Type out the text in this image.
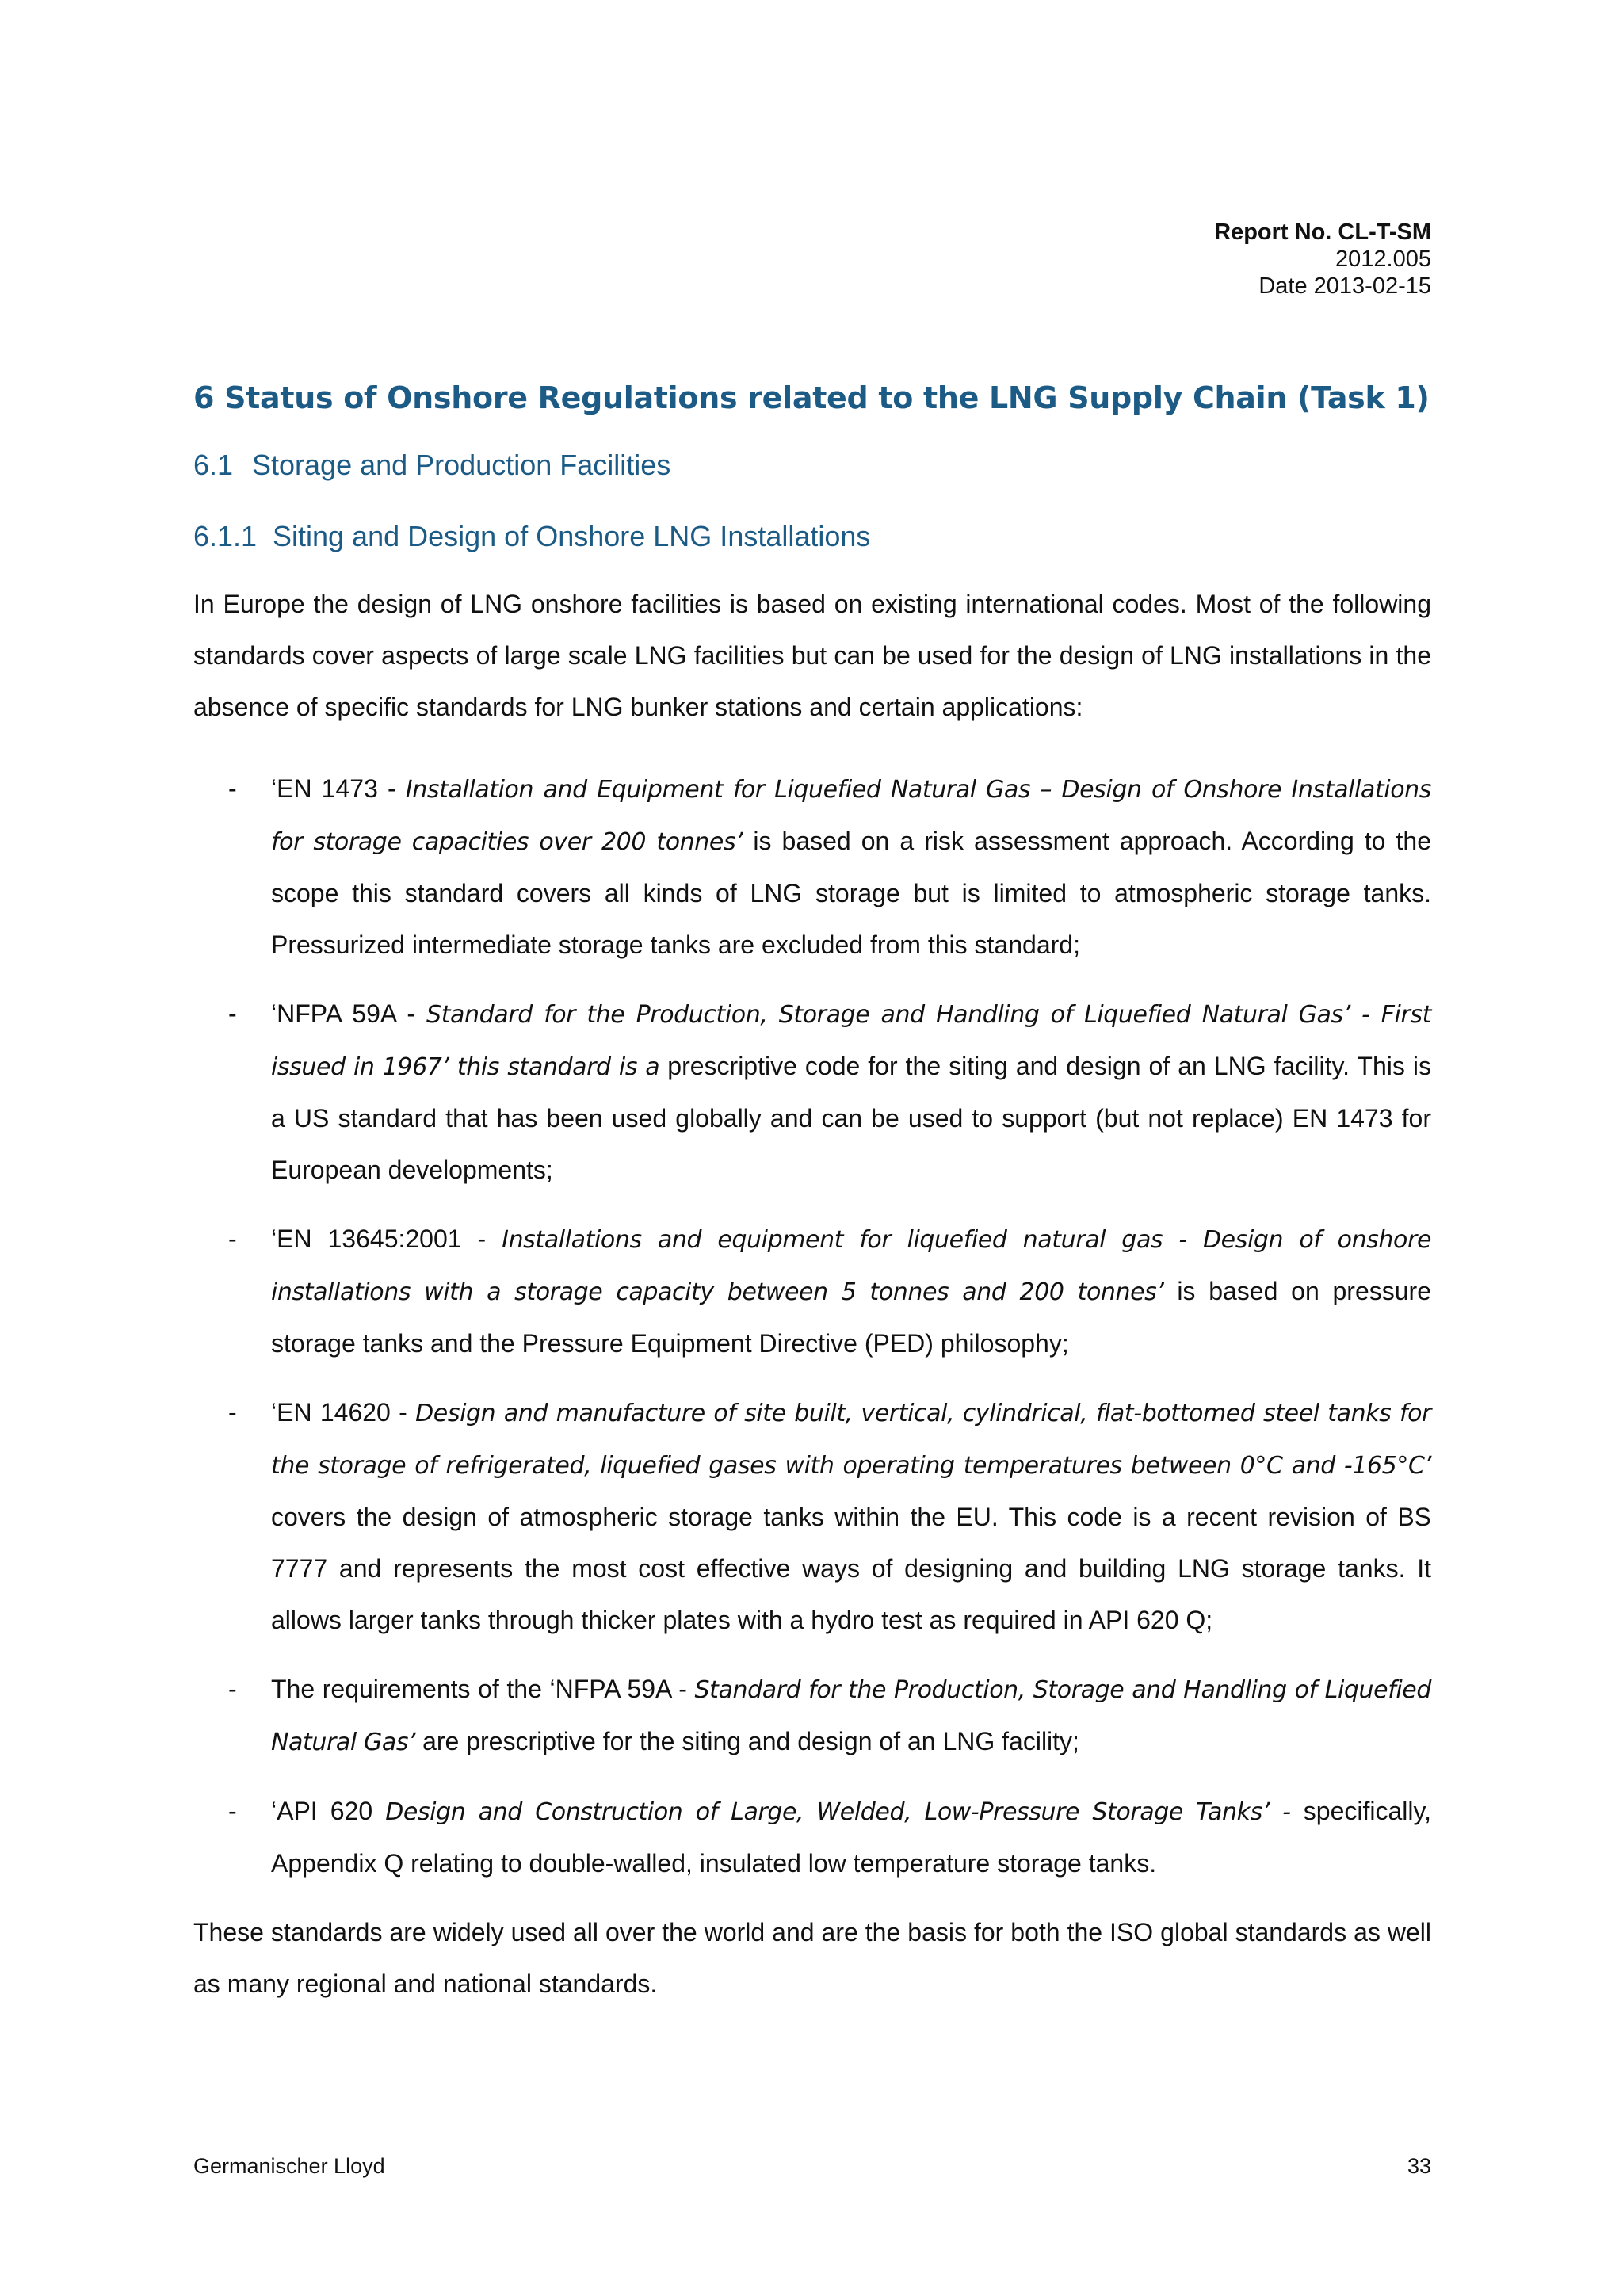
Report No. CL-T-SM
2012.005
Date 2013-02-15
6 Status of Onshore Regulations related to the LNG Supply Chain (Task 1)
6.1 Storage and Production Facilities
6.1.1 Siting and Design of Onshore LNG Installations

In Europe the design of LNG onshore facilities is based on existing international codes. Most of the following standards cover aspects of large scale LNG facilities but can be used for the design of LNG installations in the absence of specific standards for LNG bunker stations and certain applications:

- ‘EN 1473 - Installation and Equipment for Liquefied Natural Gas – Design of Onshore Installations for storage capacities over 200 tonnes’ is based on a risk assessment approach. According to the scope this standard covers all kinds of LNG storage but is limited to atmospheric storage tanks. Pressurized intermediate storage tanks are excluded from this standard;
- ‘NFPA 59A - Standard for the Production, Storage and Handling of Liquefied Natural Gas’ - First issued in 1967’ this standard is a prescriptive code for the siting and design of an LNG facility. This is a US standard that has been used globally and can be used to support (but not replace) EN 1473 for European developments;
- ‘EN 13645:2001 - Installations and equipment for liquefied natural gas - Design of onshore installations with a storage capacity between 5 tonnes and 200 tonnes’ is based on pressure storage tanks and the Pressure Equipment Directive (PED) philosophy;
- ‘EN 14620 - Design and manufacture of site built, vertical, cylindrical, flat-bottomed steel tanks for the storage of refrigerated, liquefied gases with operating temperatures between 0°C and -165°C’ covers the design of atmospheric storage tanks within the EU. This code is a recent revision of BS 7777 and represents the most cost effective ways of designing and building LNG storage tanks. It allows larger tanks through thicker plates with a hydro test as required in API 620 Q;
- The requirements of the ‘NFPA 59A - Standard for the Production, Storage and Handling of Liquefied Natural Gas’ are prescriptive for the siting and design of an LNG facility;
- ‘API 620 Design and Construction of Large, Welded, Low-Pressure Storage Tanks’ - specifically, Appendix Q relating to double-walled, insulated low temperature storage tanks.

These standards are widely used all over the world and are the basis for both the ISO global standards as well as many regional and national standards.

Germanischer Lloyd	33
